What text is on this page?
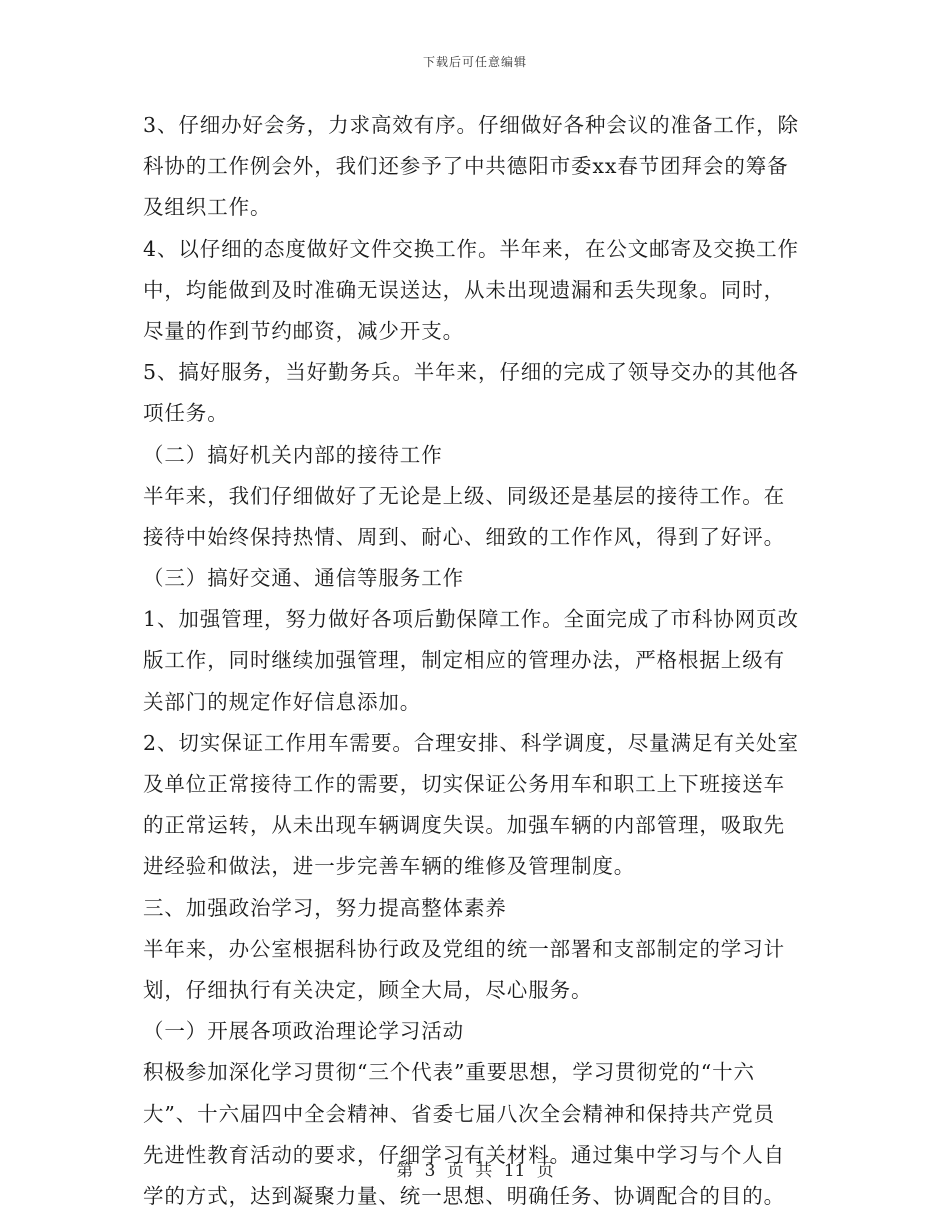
下载后可任意编辑
3、仔细办好会务，力求高效有序。仔细做好各种会议的准备工作，除
科协的工作例会外，我们还参予了中共德阳市委xx春节团拜会的筹备
及组织工作。
4、以仔细的态度做好文件交换工作。半年来，在公文邮寄及交换工作
中，均能做到及时准确无误送达，从未出现遗漏和丢失现象。同时，
尽量的作到节约邮资，减少开支。
5、搞好服务，当好勤务兵。半年来，仔细的完成了领导交办的其他各
项任务。
（二）搞好机关内部的接待工作
半年来，我们仔细做好了无论是上级、同级还是基层的接待工作。在
接待中始终保持热情、周到、耐心、细致的工作作风，得到了好评。
（三）搞好交通、通信等服务工作
1、加强管理，努力做好各项后勤保障工作。全面完成了市科协网页改
版工作，同时继续加强管理，制定相应的管理办法，严格根据上级有
关部门的规定作好信息添加。
2、切实保证工作用车需要。合理安排、科学调度，尽量满足有关处室
及单位正常接待工作的需要，切实保证公务用车和职工上下班接送车
的正常运转，从未出现车辆调度失误。加强车辆的内部管理，吸取先
进经验和做法，进一步完善车辆的维修及管理制度。
三、加强政治学习，努力提高整体素养
半年来，办公室根据科协行政及党组的统一部署和支部制定的学习计
划，仔细执行有关决定，顾全大局，尽心服务。
（一）开展各项政治理论学习活动
积极参加深化学习贯彻“三个代表”重要思想，学习贯彻党的“十六
大”、十六届四中全会精神、省委七届八次全会精神和保持共产党员
先进性教育活动的要求，仔细学习有关材料。通过集中学习与个人自
学的方式，达到凝聚力量、统一思想、明确任务、协调配合的目的。
第 3 页 共 11 页
